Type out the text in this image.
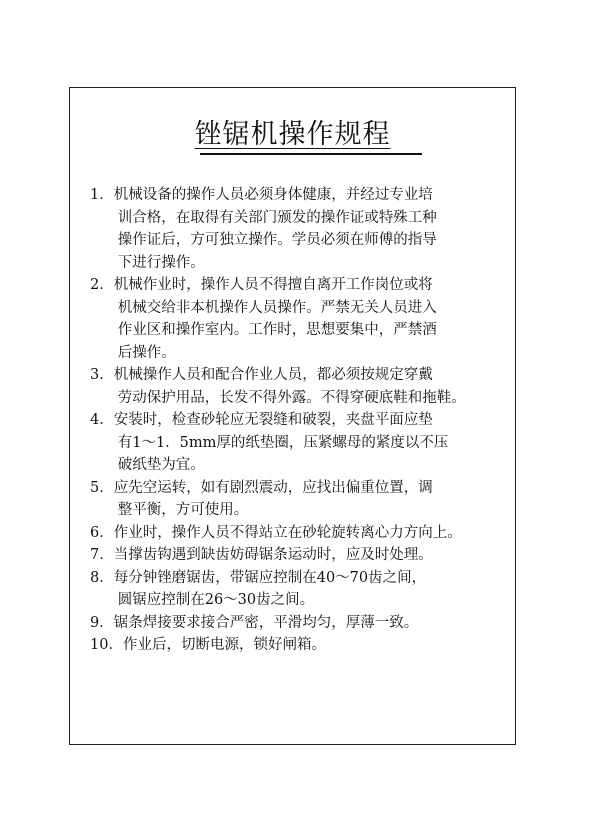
锉锯机操作规程
1． 机械设备的操作人员必须身体健康，并经过专业培
训合格，在取得有关部门颁发的操作证或特殊工种
操作证后，方可独立操作。学员必须在师傅的指导
下进行操作。
2． 机械作业时，操作人员不得擅自离开工作岗位或将
机械交给非本机操作人员操作。严禁无关人员进入
作业区和操作室内。工作时，思想要集中，严禁酒
后操作。
3． 机械操作人员和配合作业人员，都必须按规定穿戴
劳动保护用品，长发不得外露。不得穿硬底鞋和拖鞋。
4． 安装时，检查砂轮应无裂缝和破裂，夹盘平面应垫
有1～1．5mm厚的纸垫圈，压紧螺母的紧度以不压
破纸垫为宜。
5． 应先空运转，如有剧烈震动，应找出偏重位置，调
整平衡，方可使用。
6． 作业时，操作人员不得站立在砂轮旋转离心力方向上。
7． 当撑齿钩遇到缺齿妨碍锯条运动时，应及时处理。
8． 每分钟锉磨锯齿，带锯应控制在40～70齿之间，
圆锯应控制在26～30齿之间。
9． 锯条焊接要求接合严密，平滑均匀，厚薄一致。
10． 作业后，切断电源，锁好闸箱。
